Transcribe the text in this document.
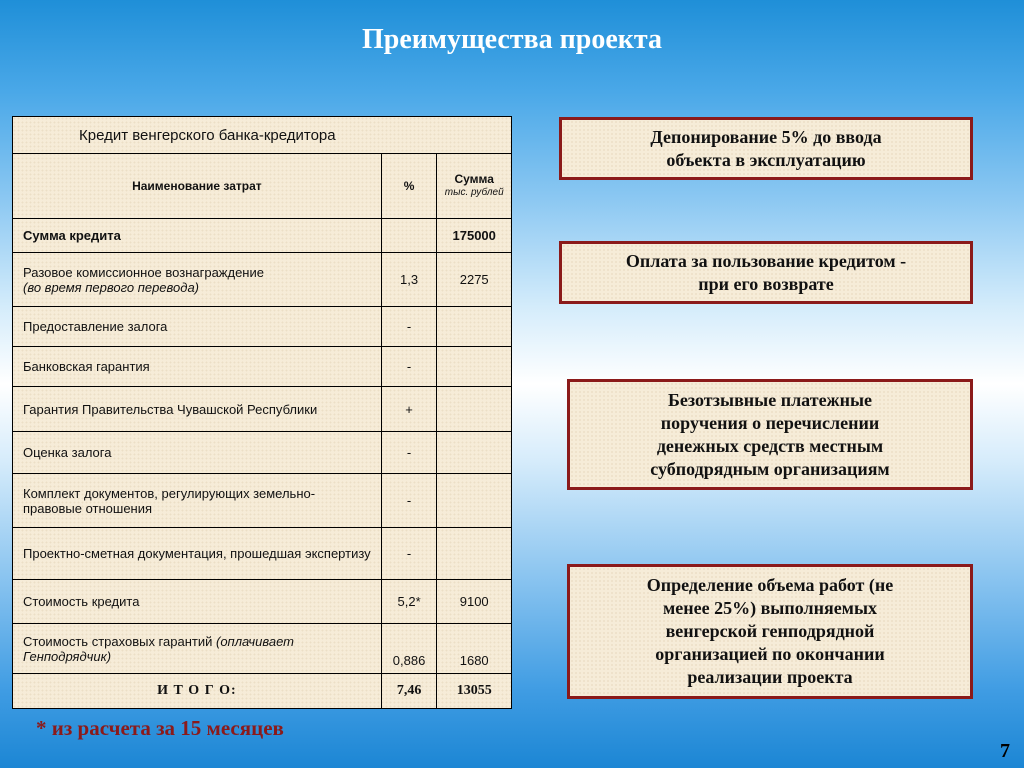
Преимущества проекта
Кредит венгерского банка-кредитора		
Наименование затрат	%	Сумма
тыс. рублей

Сумма кредита		175000
Разовое комиссионное вознаграждение
(во время первого перевода)	1,3	2275
Предоставление залога	-	
Банковская гарантия	-	
Гарантия Правительства Чувашской Республики	+	
Оценка залога	-	
Комплект документов, регулирующих земельно-правовые отношения	-	
Проектно-сметная документация, прошедшая экспертизу	-	
Стоимость кредита	5,2*	9100
Стоимость страховых гарантий (оплачивает Генподрядчик)	0,886	1680
И Т О Г О:	7,46	13055
* из расчета за 15 месяцев
Депонирование 5% до ввода
объекта в эксплуатацию
Оплата за пользование кредитом -
при его возврате
Безотзывные платежные
поручения о перечислении
денежных средств местным
субподрядным организациям
Определение объема работ (не
менее 25%) выполняемых
венгерской генподрядной
организацией по окончании
реализации проекта
7
